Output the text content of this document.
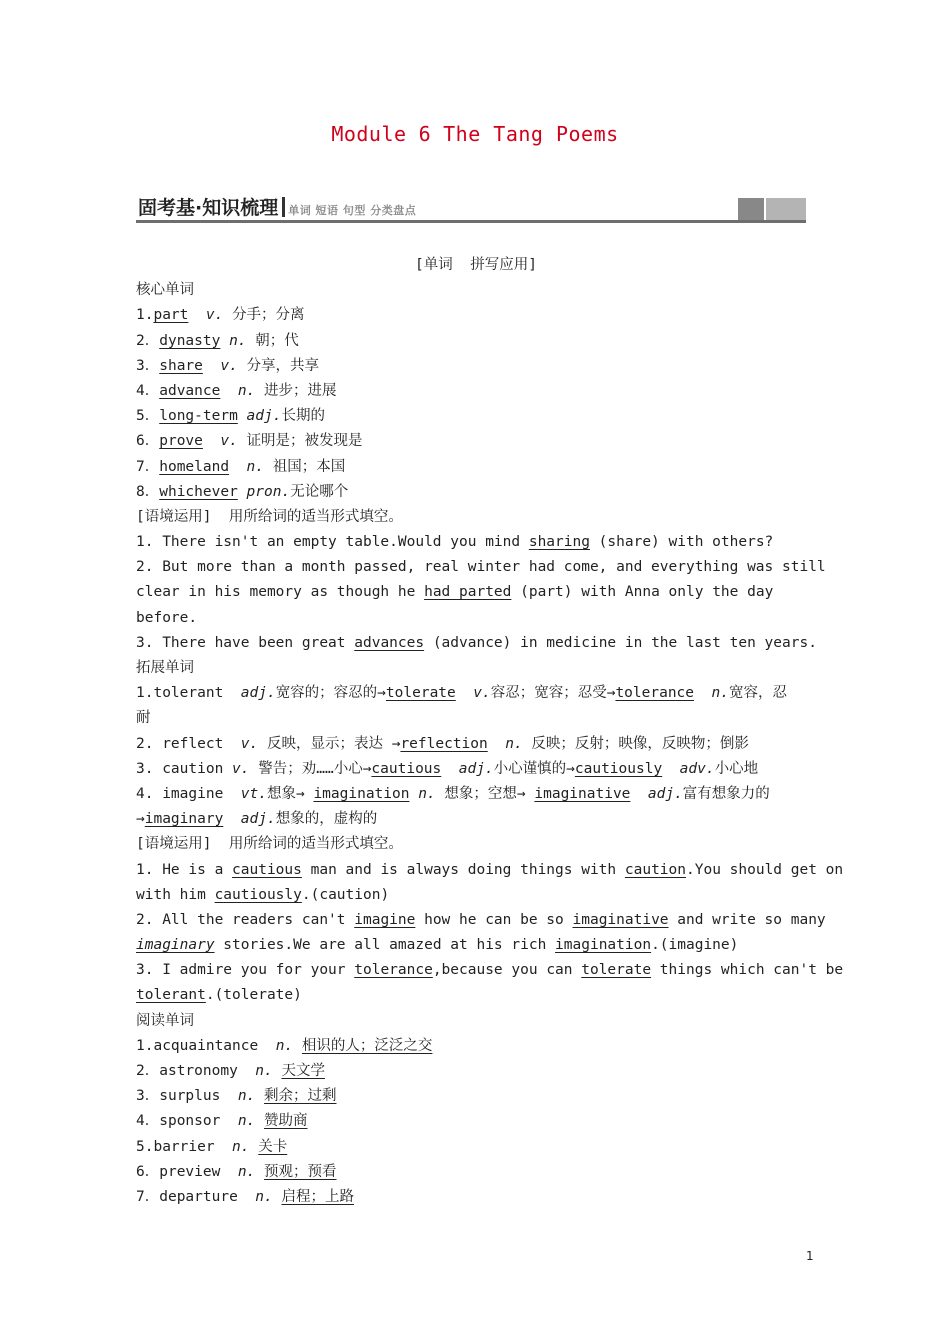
Module 6 The Tang Poems
固考基·知识梳理 单词 短语 句型 分类盘点
[单词  拼写应用]
核心单词
1.part v. 分手；分离
2．dynasty n. 朝；代
3．share v. 分享，共享
4．advance n. 进步；进展
5．long-term adj.长期的
6．prove v. 证明是；被发现是
7．homeland n. 祖国；本国
8．whichever pron.无论哪个
[语境运用]  用所给词的适当形式填空。
1. There isn't an empty table.Would you mind sharing (share) with others?
2. But more than a month passed, real winter had come, and everything was still
clear in his memory as though he had parted (part) with Anna only the day
before.
3. There have been great advances (advance) in medicine in the last ten years.
拓展单词
1.tolerant  adj.宽容的；容忍的→tolerate v.容忍；宽容；忍受→tolerance n.宽容，忍
耐
2. reflect  v. 反映，显示；表达 →reflection n. 反映；反射；映像，反映物；倒影
3. caution v. 警告；劝……小心→cautious adj.小心谨慎的→cautiously adv.小心地
4. imagine  vt.想象→ imagination n. 想象；空想→ imaginative adj.富有想象力的
→imaginary adj.想象的，虚构的
[语境运用]  用所给词的适当形式填空。
1. He is a cautious man and is always doing things with caution.You should get on
with him cautiously.(caution)
2. All the readers can't imagine how he can be so imaginative and write so many
imaginary stories.We are all amazed at his rich imagination.(imagine)
3. I admire you for your tolerance,because you can tolerate things which can't be
tolerant.(tolerate)
阅读单词
1.acquaintance n. 相识的人；泛泛之交
2．astronomy n. 天文学
3．surplus n. 剩余；过剩
4．sponsor n. 赞助商
5.barrier n. 关卡
6．preview n. 预观；预看
7．departure n. 启程；上路
1
